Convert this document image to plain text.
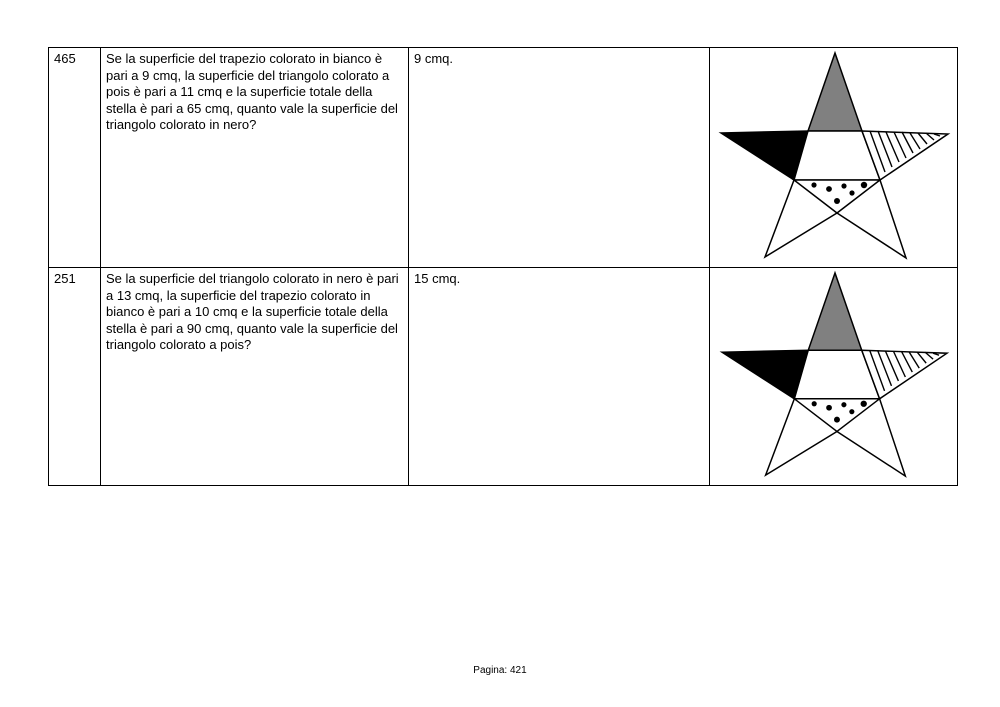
465	Se la superficie del trapezio colorato in bianco è pari a 9 cmq, la superficie del triangolo colorato a pois è pari a 11 cmq e la superficie totale della stella è pari a 65 cmq, quanto vale la superficie del triangolo colorato in nero?	9 cmq.	

251	Se la superficie del triangolo colorato in nero è pari a 13 cmq, la superficie del trapezio colorato in bianco è pari a 10 cmq e la superficie totale della stella è pari a 90 cmq, quanto vale la superficie del triangolo colorato a pois?	15 cmq.	
Pagina: 421
